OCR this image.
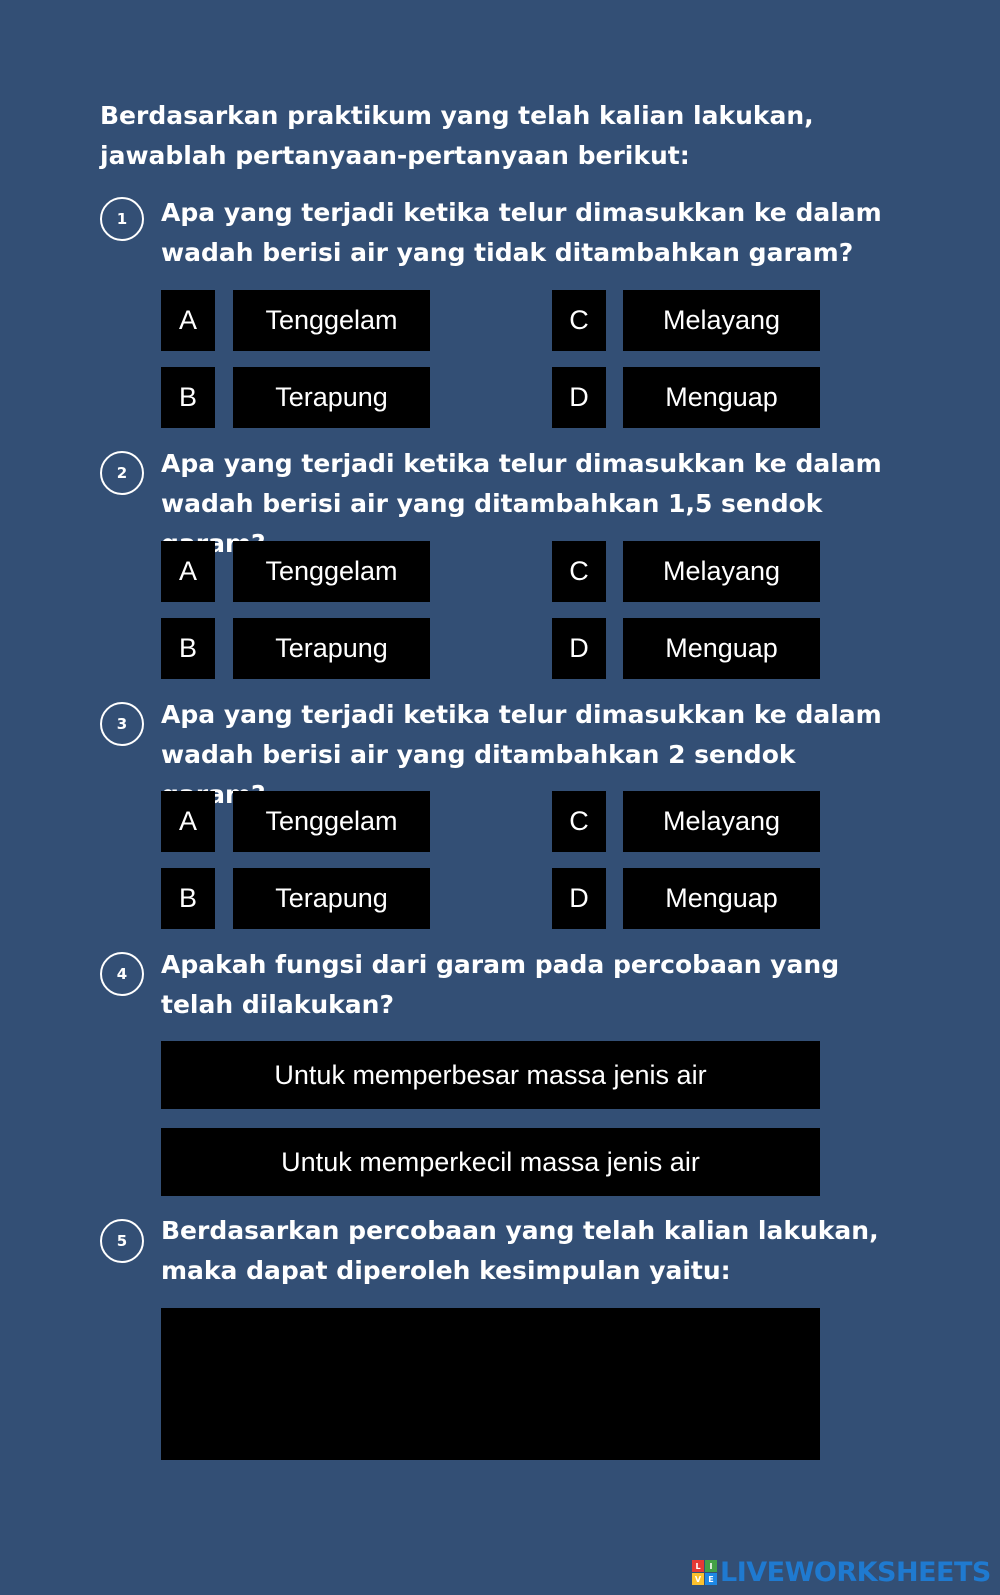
Berdasarkan praktikum yang telah kalian lakukan, jawablah pertanyaan-pertanyaan berikut:
1	Apa yang terjadi ketika telur dimasukkan ke dalam wadah berisi air yang tidak ditambahkan garam?
A	Tenggelam
B	Terapung
C	Melayang
D	Menguap
2	Apa yang terjadi ketika telur dimasukkan ke dalam wadah berisi air yang ditambahkan 1,5 sendok
A	Tenggelam
B	Terapung
C	Melayang
D	Menguap
3	Apa yang terjadi ketika telur dimasukkan ke dalam wadah berisi air yang ditambahkan 2 sendok
A	Tenggelam
B	Terapung
C	Melayang
D	Menguap
4	Apakah fungsi dari garam pada percobaan yang telah dilakukan?
Untuk memperbesar massa jenis air
Untuk memperkecil massa jenis air
5	Berdasarkan percobaan yang telah kalian lakukan, maka dapat diperoleh kesimpulan yaitu:
L	I
V E LIVEWORKSHEETS
